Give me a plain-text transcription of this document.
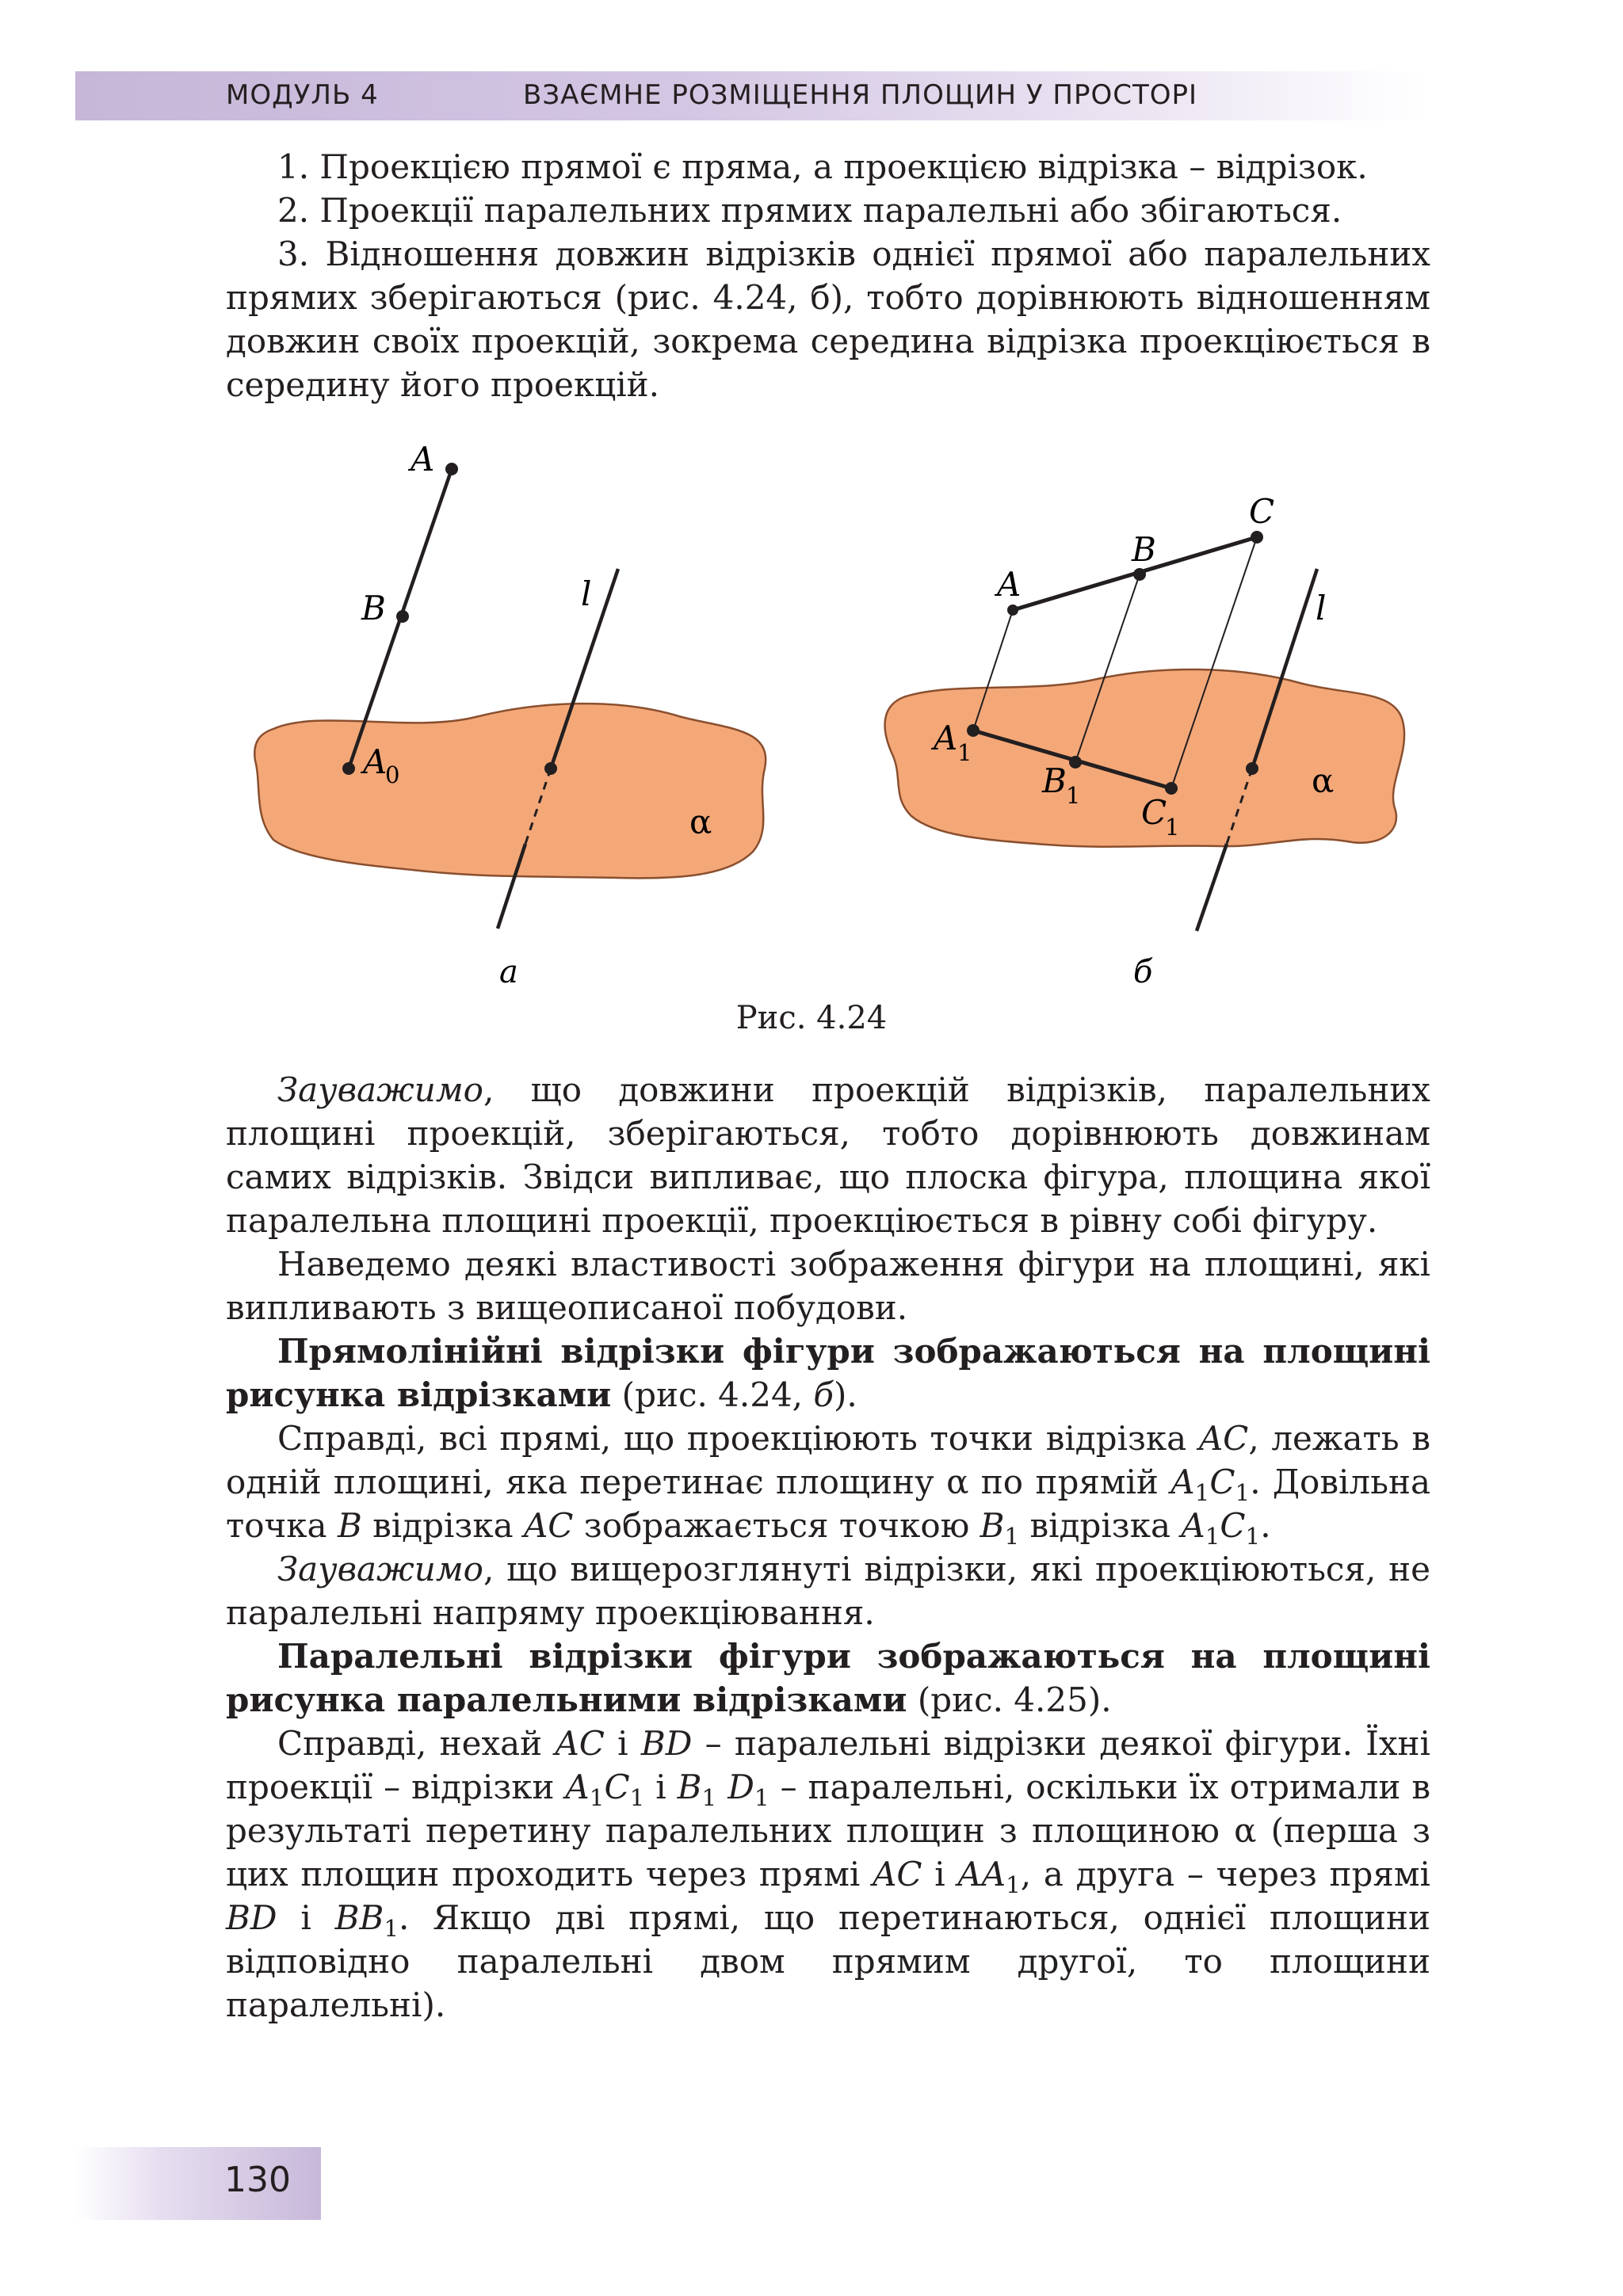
МОДУЛЬ 4	ВЗАЄМНЕ РОЗМІЩЕННЯ ПЛОЩИН У ПРОСТОРІ

1. Проекцією прямої є пряма, а проекцією відрізка – відрізок.

2. Проекції паралельних прямих паралельні або збігаються.

3. Відношення довжин відрізків однієї прямої або паралельних прямих зберігаються (рис. 4.24, б), тобто дорівнюють відношенням довжин своїх проекцій, зокрема середина відрізка проекціюється в середину його проекцій.

A
B
A
0
l
α
а
A
B
C
A 1
B 1 C
1
l
α
б
Рис. 4.24

Зауважимо, що довжини проекцій відрізків, паралельних площині проекцій, зберігаються, тобто дорівнюють довжинам самих відрізків. Звідси випливає, що плоска фігура, площина якої паралельна площині проекції, проекціюється в рівну собі фігуру.

Наведемо деякі властивості зображення фігури на площині, які випливають з вищеописаної побудови.

Прямолінійні відрізки фігури зображаються на площині рисунка відрізками (рис. 4.24, б).

Справді, всі прямі, що проекціюють точки відрізка AC, лежать в одній площині, яка перетинає площину α по прямій $A_1C_1$. Довільна точка B відрізка AC зображається точкою $B_1$ відрізка $A_1C_1$.

Зауважимо, що вищерозглянуті відрізки, які проекціюються, не паралельні напряму проекціювання.

Паралельні відрізки фігури зображаються на площині рисунка паралельними відрізками (рис. 4.25).

Справді, нехай AC і BD – паралельні відрізки деякої фігури. Їхні проекції – відрізки $A_1C_1$ і $B_1$ $D_1$ – паралельні, оскільки їх отримали в результаті перетину паралельних площин з площиною α (перша з цих площин проходить через прямі AC і $AA_1$, а друга – через прямі BD і $BB_1$. Якщо дві прямі, що перетинаються, однієї площини відповідно паралельні двом прямим другої, то площини паралельні).

130
